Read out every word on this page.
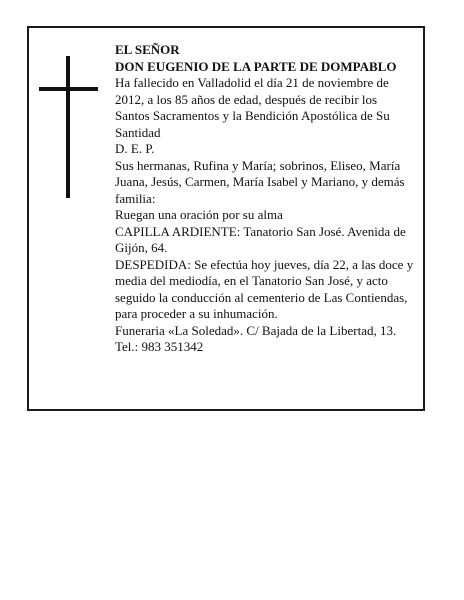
EL SEÑOR

DON EUGENIO DE LA PARTE DE DOMPABLO

Ha fallecido en Valladolid el día 21 de noviembre de 2012, a los 85 años de edad, después de recibir los Santos Sacramentos y la Bendición Apostólica de Su Santidad

D. E. P.

Sus hermanas, Rufina y María; sobrinos, Eliseo, María Juana, Jesús, Carmen, María Isabel y Mariano, y demás familia:

Ruegan una oración por su alma

CAPILLA ARDIENTE: Tanatorio San José. Avenida de Gijón, 64.

DESPEDIDA: Se efectúa hoy jueves, día 22, a las doce y media del mediodía, en el Tanatorio San José, y acto seguido la conducción al cementerio de Las Contiendas, para proceder a su inhumación.

Funeraria «La Soledad». C/ Bajada de la Libertad, 13. Tel.: 983 351342
